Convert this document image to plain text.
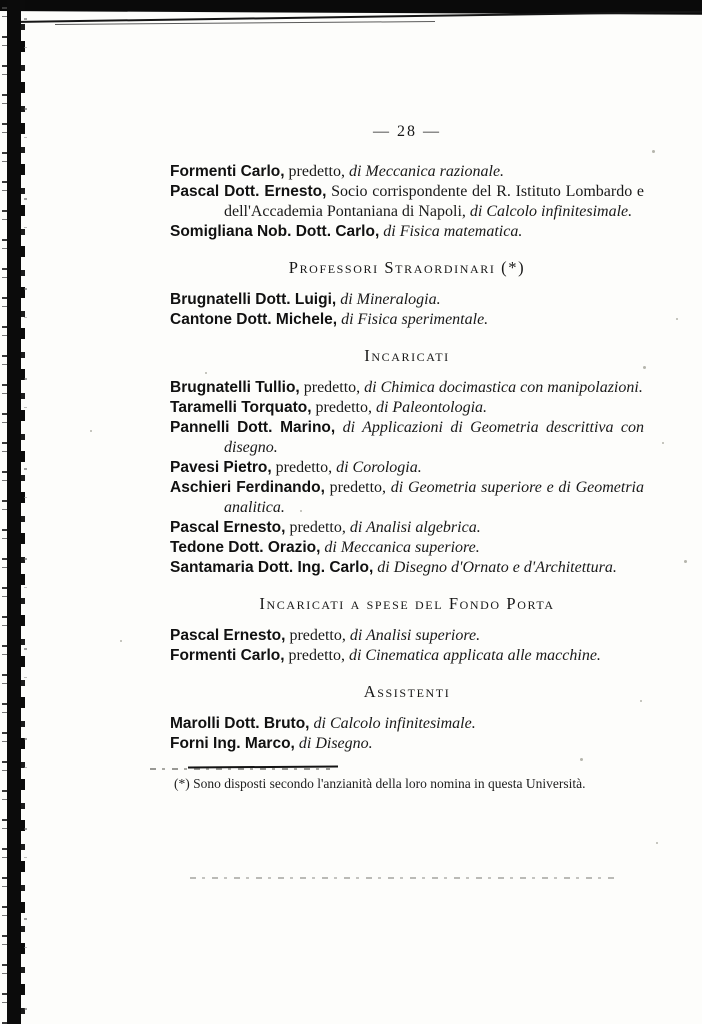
— 28 —
Formenti Carlo, predetto, di Meccanica razionale.
Pascal Dott. Ernesto, Socio corrispondente del R. Istituto Lombardo e dell'Accademia Pontaniana di Napoli, di Calcolo infinitesimale.
Somigliana Nob. Dott. Carlo, di Fisica matematica.
Professori Straordinari (*)
Brugnatelli Dott. Luigi, di Mineralogia.
Cantone Dott. Michele, di Fisica sperimentale.
Incaricati
Brugnatelli Tullio, predetto, di Chimica docimastica con manipolazioni.
Taramelli Torquato, predetto, di Paleontologia.
Pannelli Dott. Marino, di Applicazioni di Geometria descrittiva con disegno.
Pavesi Pietro, predetto, di Corologia.
Aschieri Ferdinando, predetto, di Geometria superiore e di Geometria analitica.
Pascal Ernesto, predetto, di Analisi algebrica.
Tedone Dott. Orazio, di Meccanica superiore.
Santamaria Dott. Ing. Carlo, di Disegno d'Ornato e d'Architettura.
Incaricati a spese del Fondo Porta
Pascal Ernesto, predetto, di Analisi superiore.
Formenti Carlo, predetto, di Cinematica applicata alle macchine.
Assistenti
Marolli Dott. Bruto, di Calcolo infinitesimale.
Forni Ing. Marco, di Disegno.
(*) Sono disposti secondo l'anzianità della loro nomina in questa Università.
